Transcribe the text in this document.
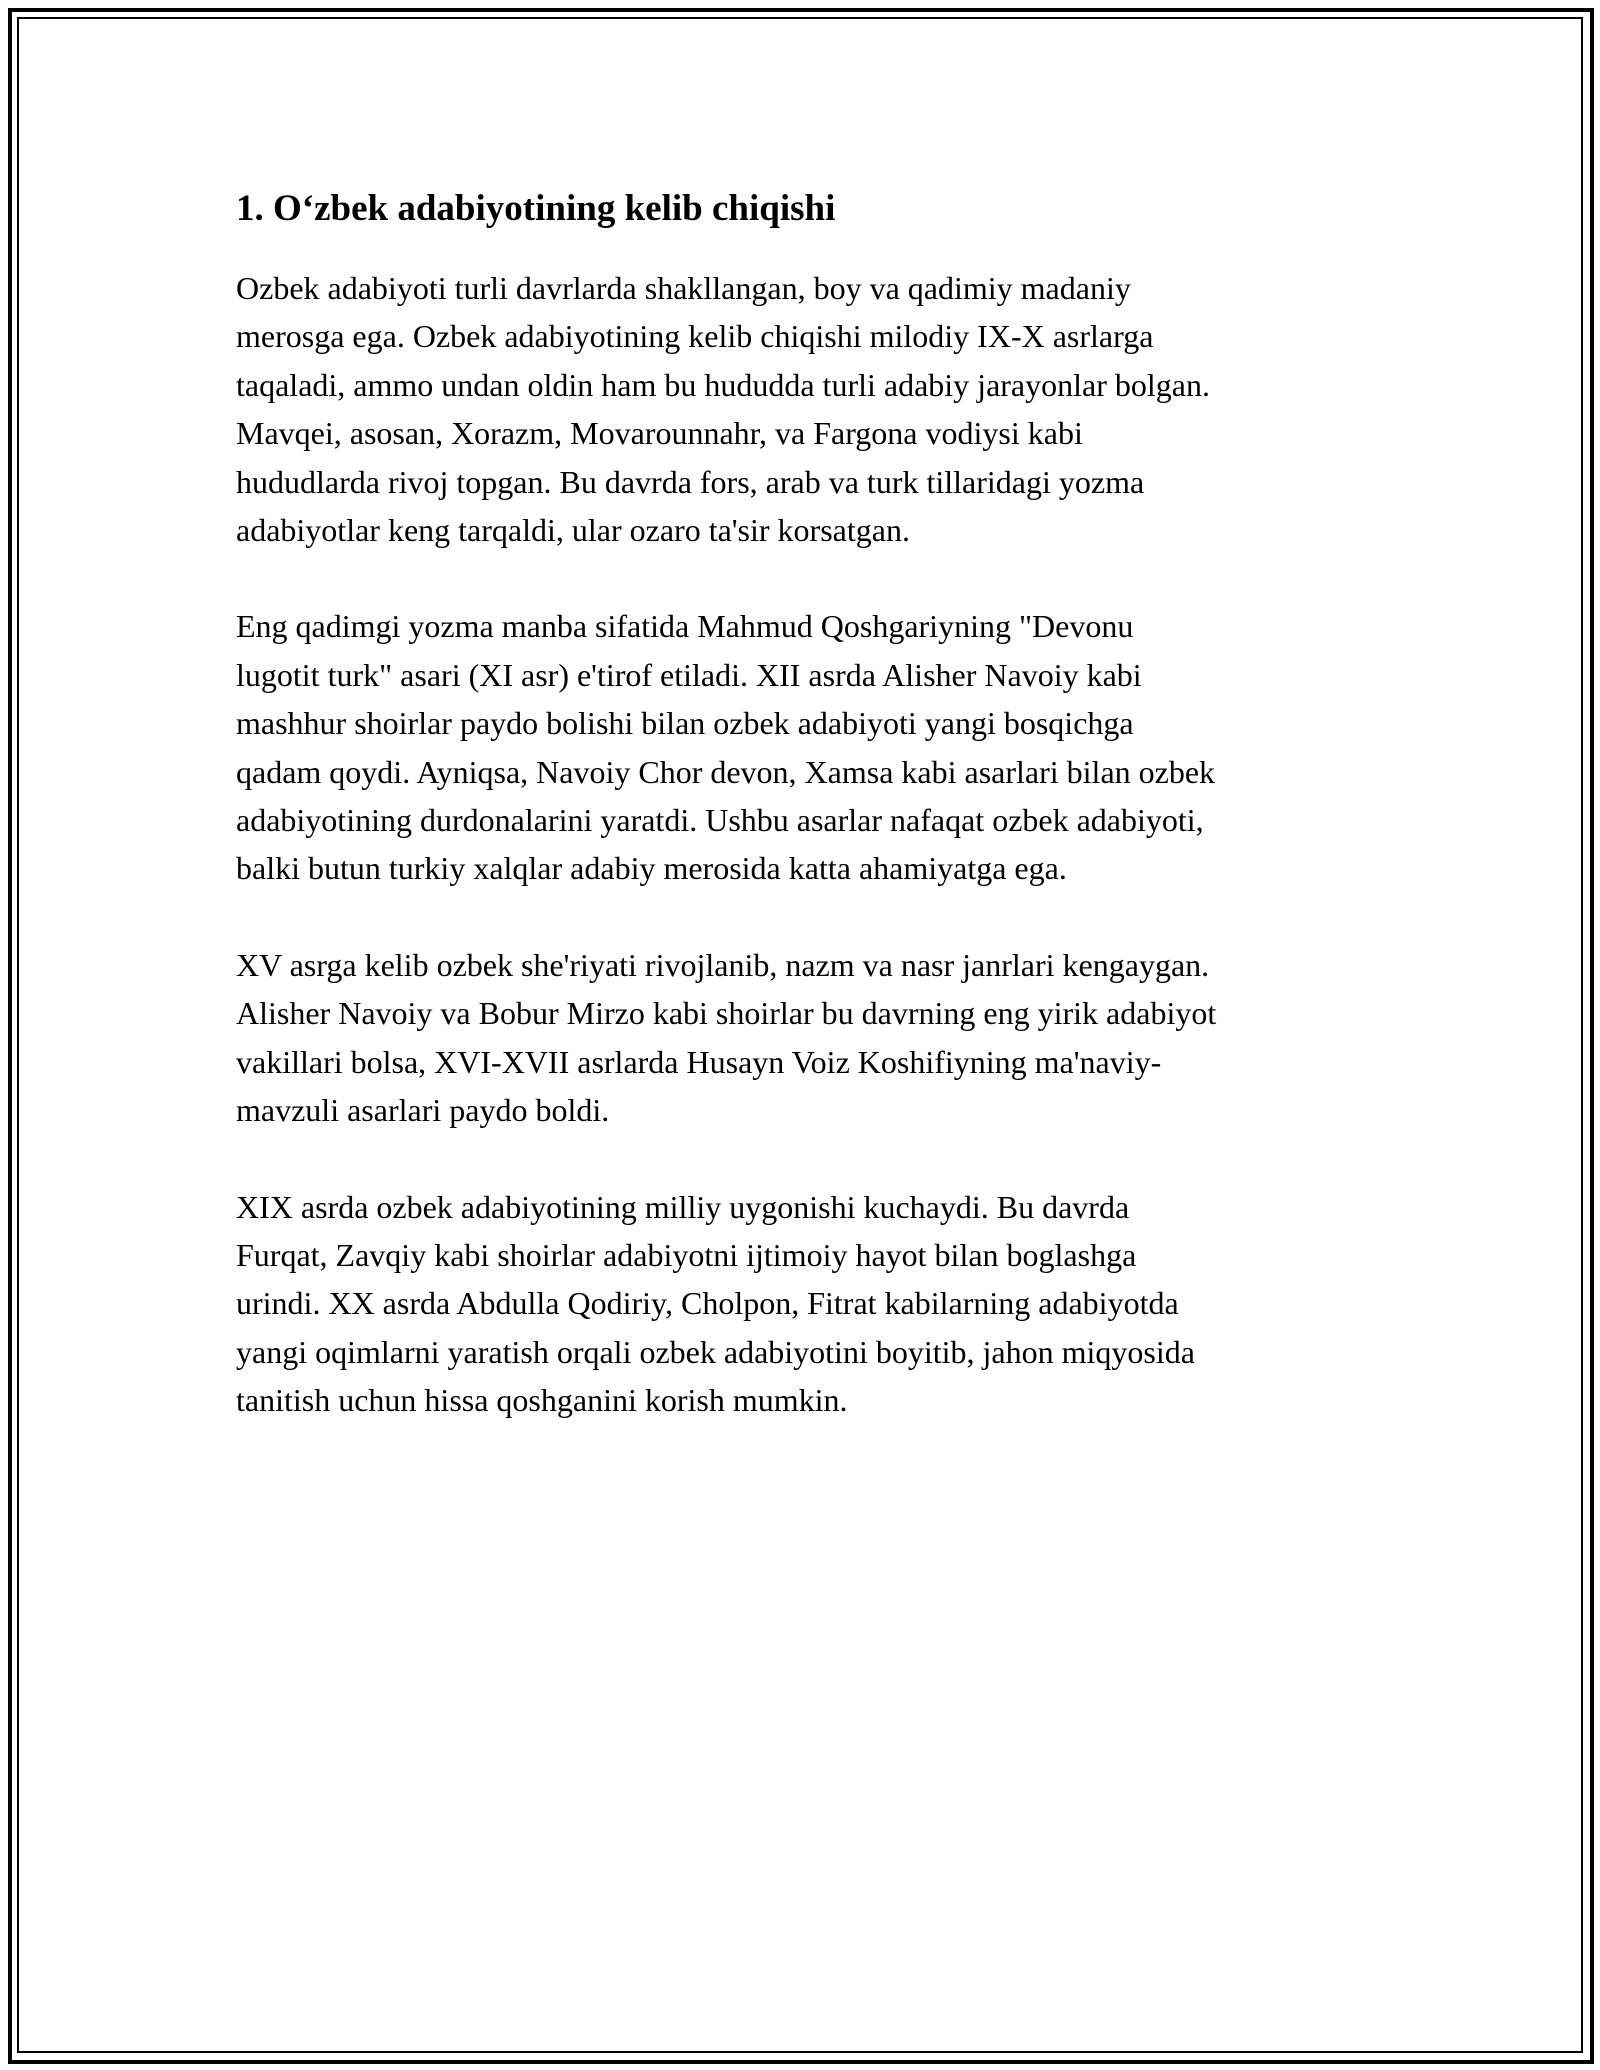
1. Oʻzbek adabiyotining kelib chiqishi

Ozbek adabiyoti turli davrlarda shakllangan, boy va qadimiy madaniy
merosga ega. Ozbek adabiyotining kelib chiqishi milodiy IX-X asrlarga
taqaladi, ammo undan oldin ham bu hududda turli adabiy jarayonlar bolgan.
Mavqei, asosan, Xorazm, Movarounnahr, va Fargona vodiysi kabi
hududlarda rivoj topgan. Bu davrda fors, arab va turk tillaridagi yozma
adabiyotlar keng tarqaldi, ular ozaro ta'sir korsatgan.

Eng qadimgi yozma manba sifatida Mahmud Qoshgariyning "Devonu
lugotit turk" asari (XI asr) e'tirof etiladi. XII asrda Alisher Navoiy kabi
mashhur shoirlar paydo bolishi bilan ozbek adabiyoti yangi bosqichga
qadam qoydi. Ayniqsa, Navoiy Chor devon, Xamsa kabi asarlari bilan ozbek
adabiyotining durdonalarini yaratdi. Ushbu asarlar nafaqat ozbek adabiyoti,
balki butun turkiy xalqlar adabiy merosida katta ahamiyatga ega.

XV asrga kelib ozbek she'riyati rivojlanib, nazm va nasr janrlari kengaygan.
Alisher Navoiy va Bobur Mirzo kabi shoirlar bu davrning eng yirik adabiyot
vakillari bolsa, XVI-XVII asrlarda Husayn Voiz Koshifiyning ma'naviy-
mavzuli asarlari paydo boldi.

XIX asrda ozbek adabiyotining milliy uygonishi kuchaydi. Bu davrda
Furqat, Zavqiy kabi shoirlar adabiyotni ijtimoiy hayot bilan boglashga
urindi. XX asrda Abdulla Qodiriy, Cholpon, Fitrat kabilarning adabiyotda
yangi oqimlarni yaratish orqali ozbek adabiyotini boyitib, jahon miqyosida
tanitish uchun hissa qoshganini korish mumkin.
